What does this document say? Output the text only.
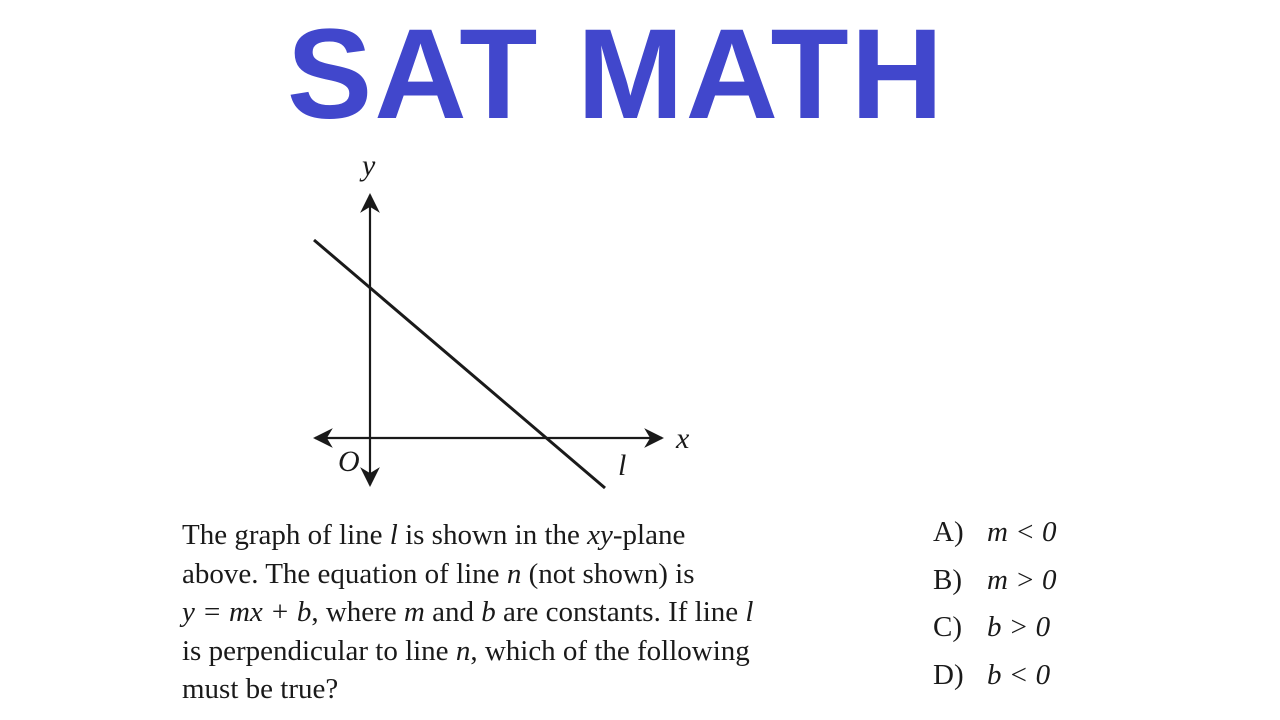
SAT MATH
y
x
O	l

The graph of line l is shown in the xy-plane
above. The equation of line n (not shown) is
y = mx + b, where m and b are constants. If line l
is perpendicular to line n, which of the following
must be true?

A) m < 0
B) m > 0
C) b > 0
D) b < 0
